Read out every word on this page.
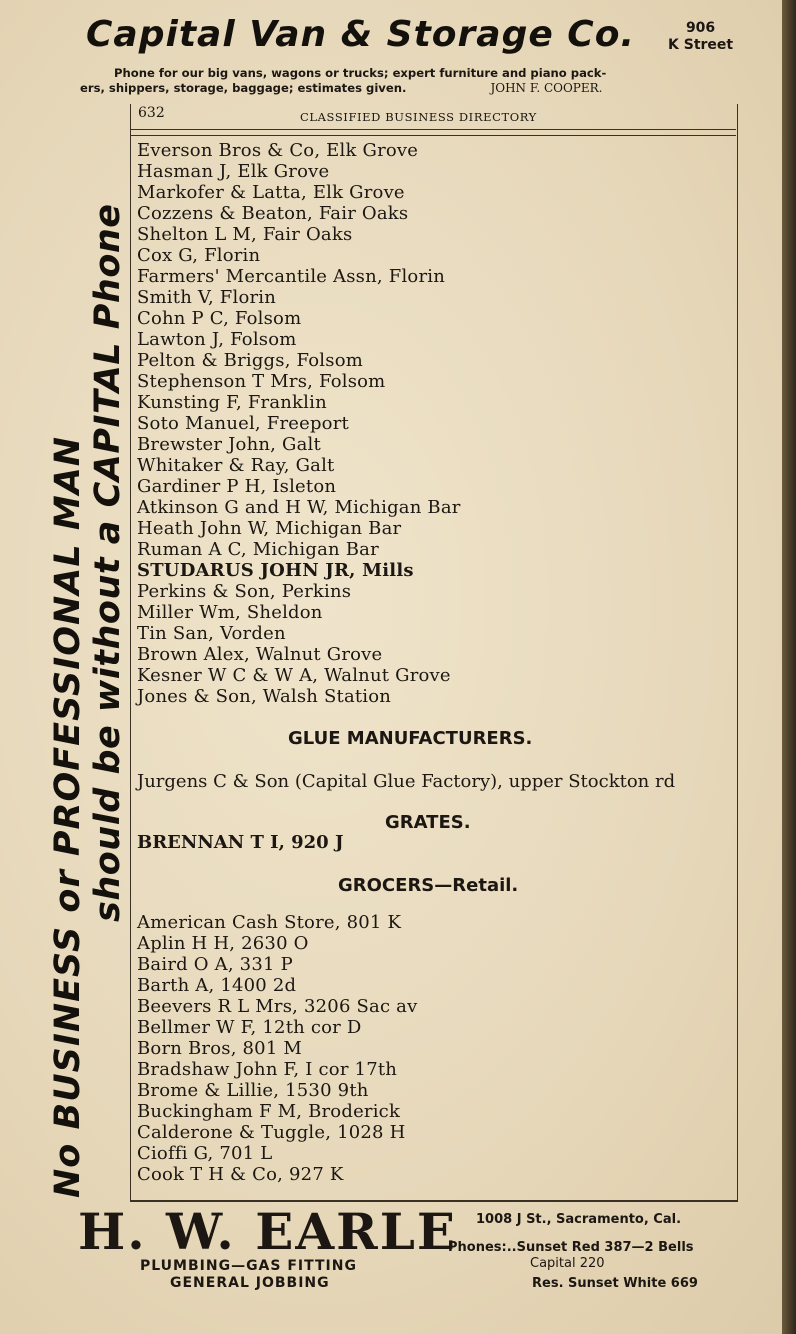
Capital Van & Storage Co.	906
K Street
Phone for our big vans, wagons or trucks; expert furniture and piano pack-
ers, shippers, storage, baggage; estimates given.	JOHN F. COOPER.
No BUSINESS or PROFESSIONAL MAN should be without a CAPITAL Phone
632	CLASSIFIED BUSINESS DIRECTORY
Everson Bros & Co, Elk Grove
Hasman J, Elk Grove
Markofer & Latta, Elk Grove
Cozzens & Beaton, Fair Oaks
Shelton L M, Fair Oaks
Cox G, Florin
Farmers' Mercantile Assn, Florin
Smith V, Florin
Cohn P C, Folsom
Lawton J, Folsom
Pelton & Briggs, Folsom
Stephenson T Mrs, Folsom
Kunsting F, Franklin
Soto Manuel, Freeport
Brewster John, Galt
Whitaker & Ray, Galt
Gardiner P H, Isleton
Atkinson G and H W, Michigan Bar
Heath John W, Michigan Bar
Ruman A C, Michigan Bar
STUDARUS JOHN JR, Mills
Perkins & Son, Perkins
Miller Wm, Sheldon
Tin San, Vorden
Brown Alex, Walnut Grove
Kesner W C & W A, Walnut Grove
Jones & Son, Walsh Station
GLUE MANUFACTURERS.
Jurgens C & Son (Capital Glue Factory), upper Stockton rd
GRATES.
BRENNAN T I, 920 J
GROCERS—Retail.
American Cash Store, 801 K
Aplin H H, 2630 O
Baird O A, 331 P
Barth A, 1400 2d
Beevers R L Mrs, 3206 Sac av
Bellmer W F, 12th cor D
Born Bros, 801 M
Bradshaw John F, I cor 17th
Brome & Lillie, 1530 9th
Buckingham F M, Broderick
Calderone & Tuggle, 1028 H
Cioffi G, 701 L
Cook T H & Co, 927 K
H. W. EARLE
PLUMBING—GAS FITTING
GENERAL JOBBING
1008 J St., Sacramento, Cal.
Phones:..Sunset Red 387—2 Bells
Capital 220
Res. Sunset White 669
